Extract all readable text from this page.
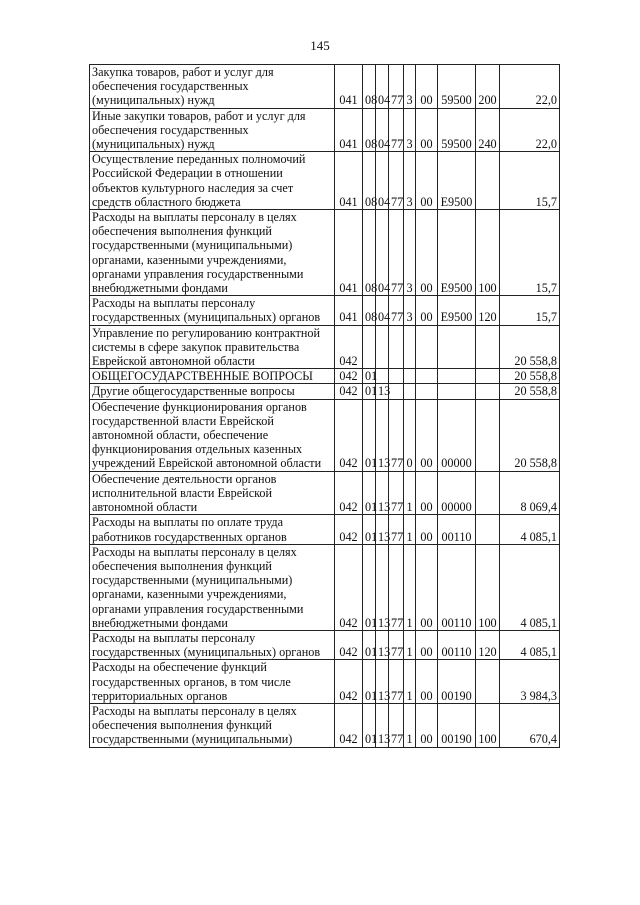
145
Закупка товаров, работ и услуг для обеспечения государственных (муниципальных) нужд	041	08	04	77	3	00	59500	200	22,0
Иные закупки товаров, работ и услуг для обеспечения государственных (муниципальных) нужд	041	08	04	77	3	00	59500	240	22,0
Осуществление переданных полномочий Российской Федерации в отношении объектов культурного наследия за счет средств областного бюджета	041	08	04	77	3	00	E9500		15,7
Расходы на выплаты персоналу в целях обеспечения выполнения функций государственными (муниципальными) органами, казенными учреждениями, органами управления государственными внебюджетными фондами	041	08	04	77	3	00	E9500	100	15,7
Расходы на выплаты персоналу государственных (муниципальных) органов	041	08	04	77	3	00	E9500	120	15,7
Управление по регулированию контрактной системы в сфере закупок правительства Еврейской автономной области	042								20 558,8
ОБЩЕГОСУДАРСТВЕННЫЕ ВОПРОСЫ	042	01							20 558,8
Другие общегосударственные вопросы	042	01	13						20 558,8
Обеспечение функционирования органов государственной власти Еврейской автономной области, обеспечение функционирования отдельных казенных учреждений Еврейской автономной области	042	01	13	77	0	00	00000		20 558,8
Обеспечение деятельности органов исполнительной власти Еврейской автономной области	042	01	13	77	1	00	00000		8 069,4
Расходы на выплаты по оплате труда работников государственных органов	042	01	13	77	1	00	00110		4 085,1
Расходы на выплаты персоналу в целях обеспечения выполнения функций государственными (муниципальными) органами, казенными учреждениями, органами управления государственными внебюджетными фондами	042	01	13	77	1	00	00110	100	4 085,1
Расходы на выплаты персоналу государственных (муниципальных) органов	042	01	13	77	1	00	00110	120	4 085,1
Расходы на обеспечение функций государственных органов, в том числе территориальных органов	042	01	13	77	1	00	00190		3 984,3
Расходы на выплаты персоналу в целях обеспечения выполнения функций государственными (муниципальными)	042	01	13	77	1	00	00190	100	670,4
